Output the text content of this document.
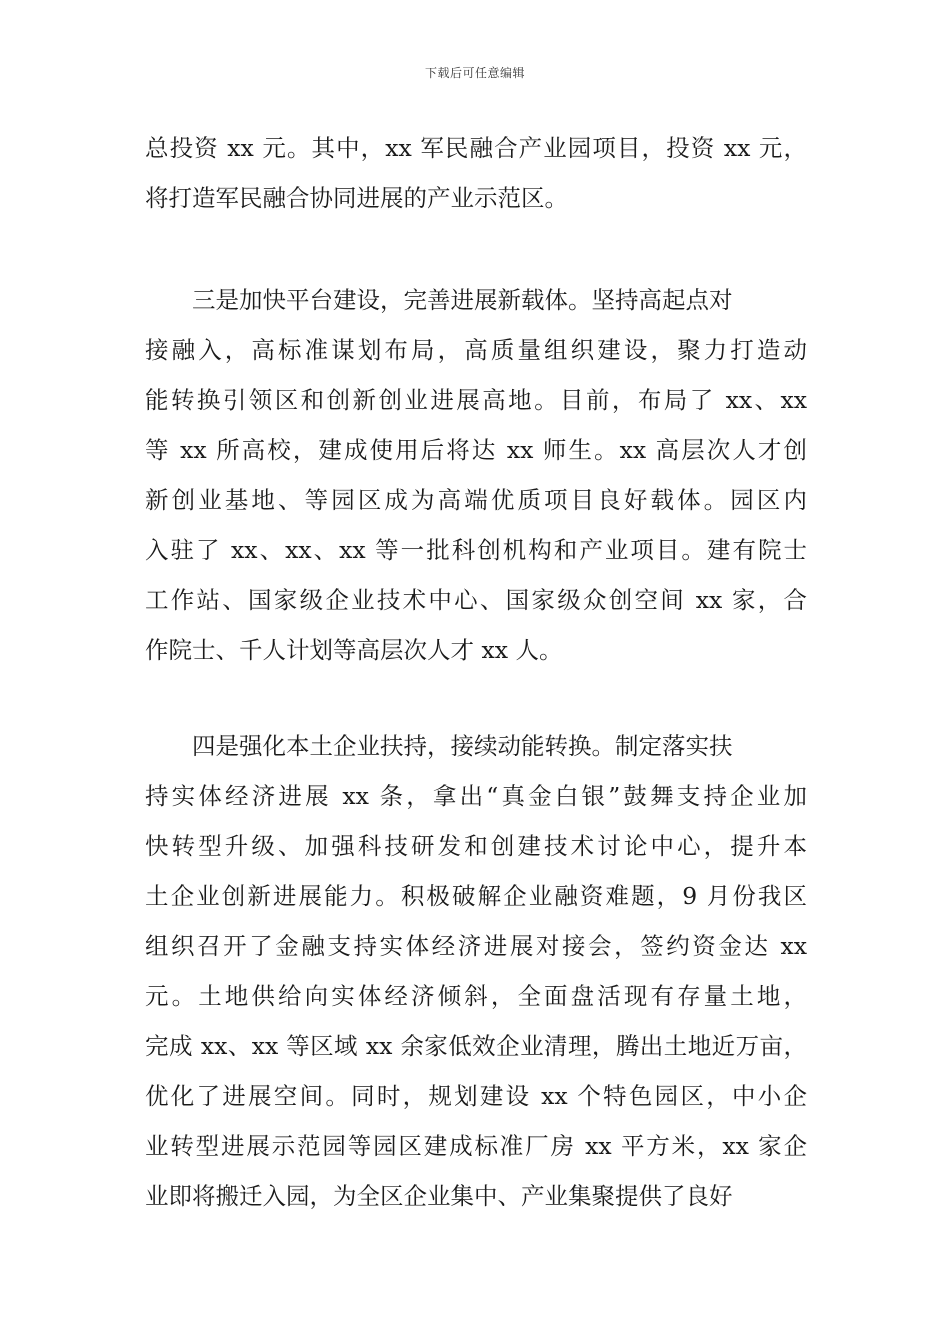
下载后可任意编辑
总投资 xx 元。其中，xx 军民融合产业园项目，投资 xx 元，
将打造军民融合协同进展的产业示范区。
　　三是加快平台建设，完善进展新载体。坚持高起点对
接融入，高标准谋划布局，高质量组织建设，聚力打造动
能转换引领区和创新创业进展高地。目前，布局了 xx、xx
等 xx 所高校，建成使用后将达 xx 师生。xx 高层次人才创
新创业基地、等园区成为高端优质项目良好载体。园区内
入驻了 xx、xx、xx 等一批科创机构和产业项目。建有院士
工作站、国家级企业技术中心、国家级众创空间 xx 家，合
作院士、千人计划等高层次人才 xx 人。
　　四是强化本土企业扶持，接续动能转换。制定落实扶
持实体经济进展 xx 条，拿出“真金白银”鼓舞支持企业加
快转型升级、加强科技研发和创建技术讨论中心，提升本
土企业创新进展能力。积极破解企业融资难题，9 月份我区
组织召开了金融支持实体经济进展对接会，签约资金达 xx
元。土地供给向实体经济倾斜，全面盘活现有存量土地，
完成 xx、xx 等区域 xx 余家低效企业清理，腾出土地近万亩，
优化了进展空间。同时，规划建设 xx 个特色园区，中小企
业转型进展示范园等园区建成标准厂房 xx 平方米，xx 家企
业即将搬迁入园，为全区企业集中、产业集聚提供了良好
